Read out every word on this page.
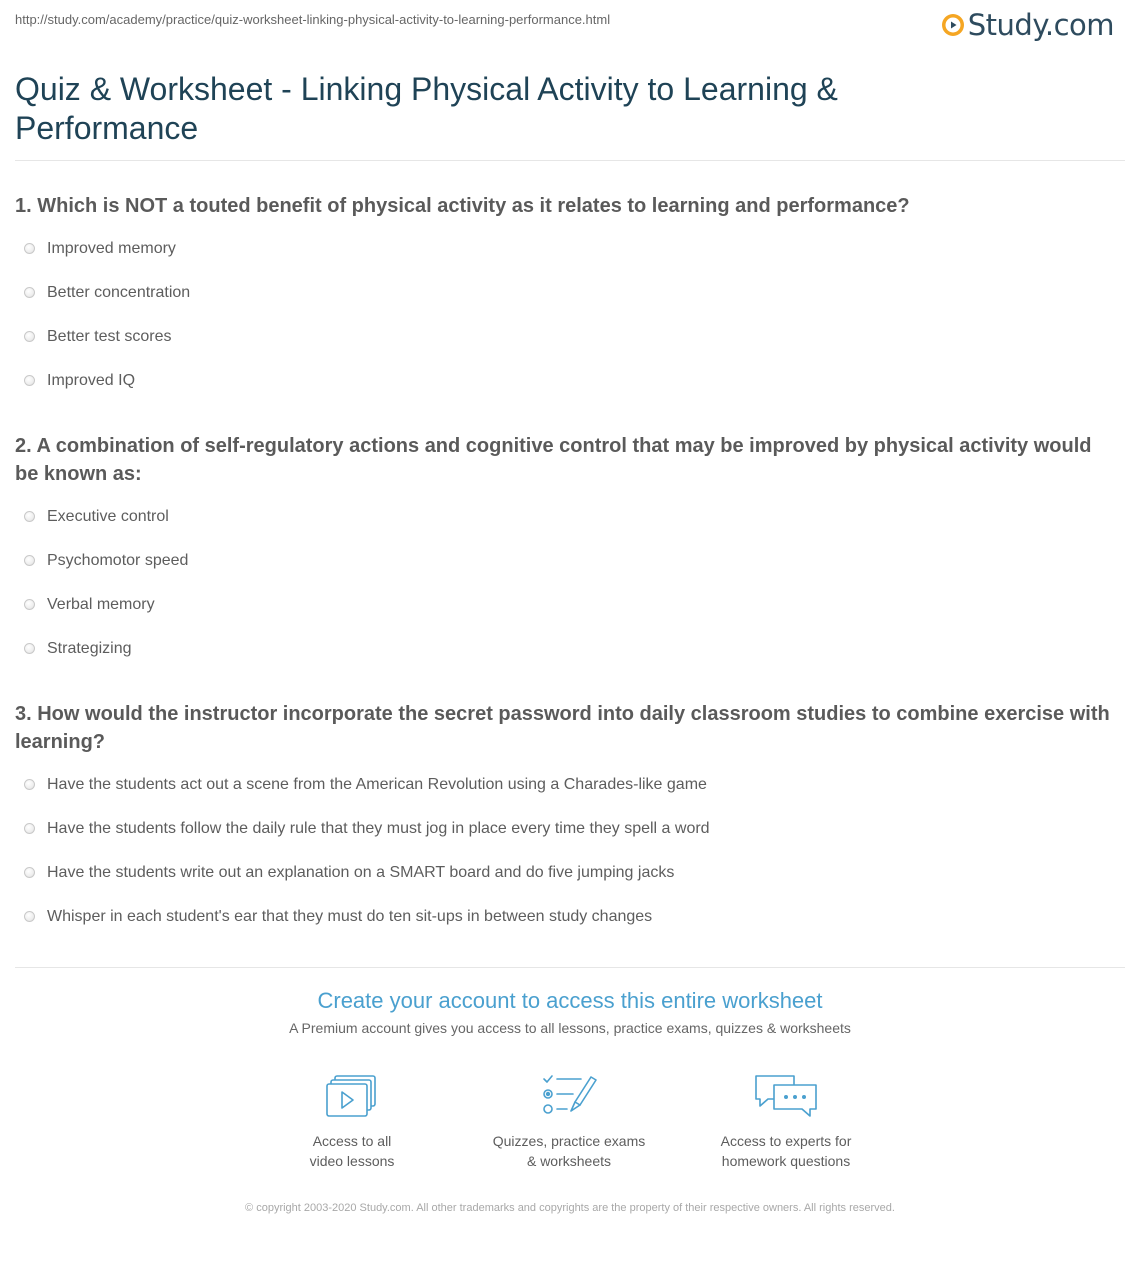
http://study.com/academy/practice/quiz-worksheet-linking-physical-activity-to-learning-performance.html	Study.com
Quiz & Worksheet - Linking Physical Activity to Learning & Performance

1. Which is NOT a touted benefit of physical activity as it relates to learning and performance?

Improved memory
Better concentration
Better test scores
Improved IQ

2. A combination of self-regulatory actions and cognitive control that may be improved by physical activity would be known as:

Executive control
Psychomotor speed
Verbal memory
Strategizing

3. How would the instructor incorporate the secret password into daily classroom studies to combine exercise with learning?

Have the students act out a scene from the American Revolution using a Charades-like game
Have the students follow the daily rule that they must jog in place every time they spell a word
Have the students write out an explanation on a SMART board and do five jumping jacks
Whisper in each student's ear that they must do ten sit-ups in between study changes
Create your account to access this entire worksheet
A Premium account gives you access to all lessons, practice exams, quizzes & worksheets
Access to all
video lessons
Quizzes, practice exams
& worksheets
Access to experts for
homework questions
© copyright 2003-2020 Study.com. All other trademarks and copyrights are the property of their respective owners. All rights reserved.
